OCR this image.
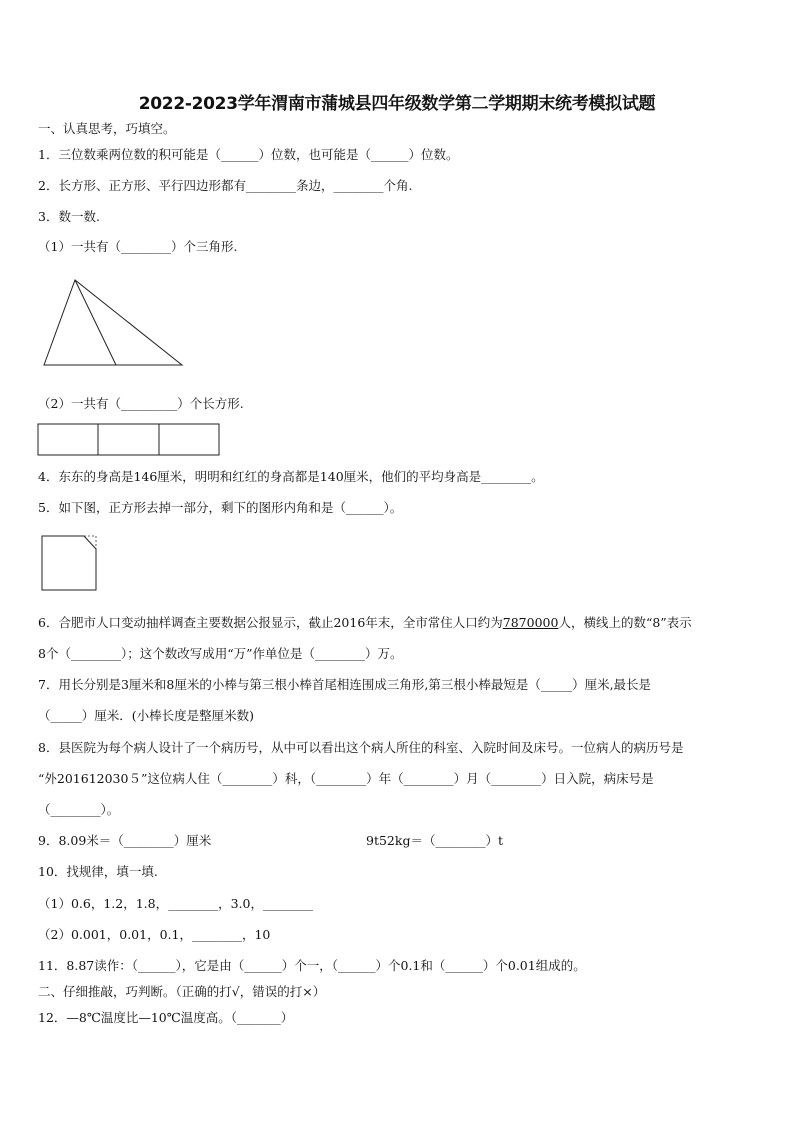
2022-2023学年渭南市蒲城县四年级数学第二学期期末统考模拟试题
一、认真思考，巧填空。
1．三位数乘两位数的积可能是（______）位数，也可能是（______）位数。
2．长方形、正方形、平行四边形都有________条边，________个角.
3．数一数.
（1）一共有（________）个三角形.
（2）一共有（_________）个长方形.
4．东东的身高是146厘米，明明和红红的身高都是140厘米，他们的平均身高是________。
5．如下图，正方形去掉一部分，剩下的图形内角和是（______）。
6．合肥市人口变动抽样调查主要数据公报显示，截止2016年末，全市常住人口约为7870000人，横线上的数“8”表示
8个（________）；这个数改写成用“万”作单位是（________）万。
7．用长分别是3厘米和8厘米的小棒与第三根小棒首尾相连围成三角形,第三根小棒最短是（_____）厘米,最长是
（_____）厘米．(小棒长度是整厘米数)
8．县医院为每个病人设计了一个病历号，从中可以看出这个病人所住的科室、入院时间及床号。一位病人的病历号是
“外201612030５”这位病人住（________）科，（________）年（________）月（________）日入院，病床号是
（________）。
9．8.09米＝（________）厘米	9t52kg＝（________）t
10．找规律，填一填.
（1）0.6，1.2，1.8，________，3.0，________
（2）0.001，0.01，0.1，________，10
11．8.87读作：（______），它是由（______）个一，（______）个0.1和（______）个0.01组成的。
二、仔细推敲，巧判断。（正确的打√，错误的打×）
12．—8℃温度比—10℃温度高。（_______）
